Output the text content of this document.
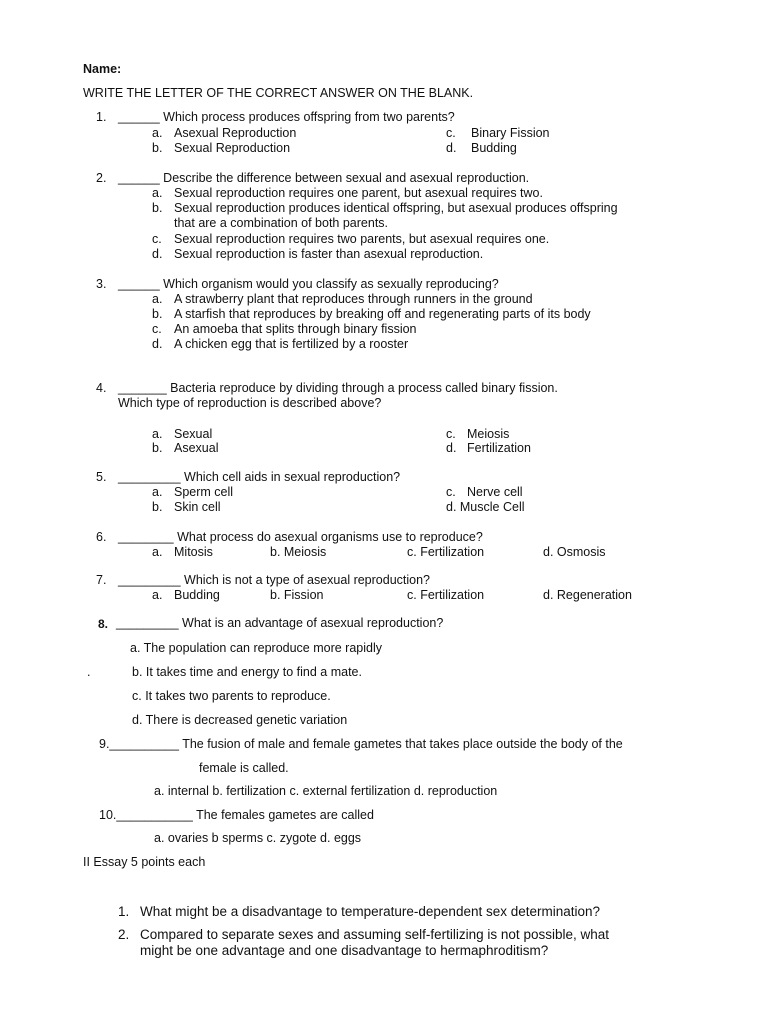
Name:
WRITE THE LETTER OF THE CORRECT ANSWER ON THE BLANK.
1. ______ Which process produces offspring from two parents?
a. Asexual Reproduction	c. Binary Fission
b. Sexual Reproduction	d. Budding
2. ______ Describe the difference between sexual and asexual reproduction.
a. Sexual reproduction requires one parent, but asexual requires two.
b. Sexual reproduction produces identical offspring, but asexual produces offspring
that are a combination of both parents.
c. Sexual reproduction requires two parents, but asexual requires one.
d. Sexual reproduction is faster than asexual reproduction.
3. ______ Which organism would you classify as sexually reproducing?
a. A strawberry plant that reproduces through runners in the ground
b. A starfish that reproduces by breaking off and regenerating parts of its body
c. An amoeba that splits through binary fission
d. A chicken egg that is fertilized by a rooster
4. _______ Bacteria reproduce by dividing through a process called binary fission.
Which type of reproduction is described above?
a. Sexual	c. Meiosis
b. Asexual	d. Fertilization
5. _________ Which cell aids in sexual reproduction?
a. Sperm cell	c. Nerve cell
b. Skin cell	d. Muscle Cell
6. ________ What process do asexual organisms use to reproduce?
a. Mitosis	b. Meiosis	c. Fertilization	d. Osmosis
7. _________ Which is not a type of asexual reproduction?
a. Budding	b. Fission	c. Fertilization	d. Regeneration
8. _________ What is an advantage of asexual reproduction?
a. The population can reproduce more rapidly
.	b. It takes time and energy to find a mate.
c. It takes two parents to reproduce.
d. There is decreased genetic variation
9.__________ The fusion of male and female gametes that takes place outside the body of the
female is called.
a. internal b. fertilization c. external fertilization d. reproduction
10.___________ The females gametes are called
a. ovaries b sperms c. zygote d. eggs
II Essay 5 points each
1. What might be a disadvantage to temperature-dependent sex determination?
2. Compared to separate sexes and assuming self-fertilizing is not possible, what
might be one advantage and one disadvantage to hermaphroditism?
